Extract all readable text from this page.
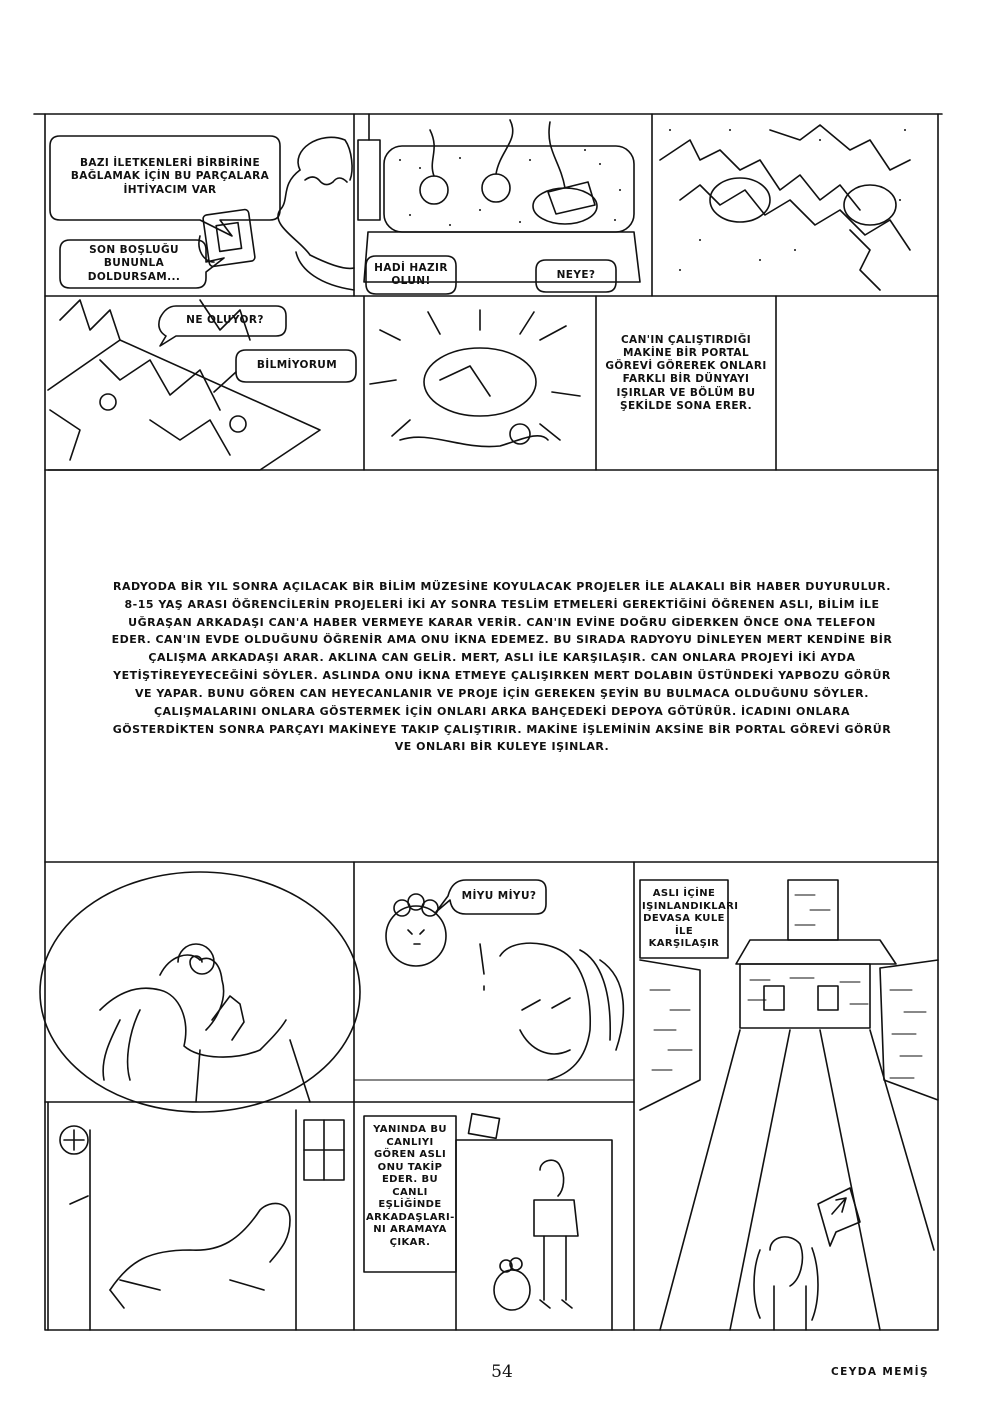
BAZI İLETKENLERİ BİRBİRİNE BAĞLAMAK İÇİN BU PARÇALARA İHTİYACIM VAR
SON BOŞLUĞU BUNUNLA DOLDURSAM...
HADİ HAZIR OLUN!	NEYE?
NE OLUYOR?
BİLMİYORUM
CAN'IN ÇALIŞTIRDIĞI MAKİNE BİR PORTAL GÖREVİ GÖREREK ONLARI FARKLI BİR DÜNYAYI IŞIRLAR VE BÖLÜM BU ŞEKİLDE SONA ERER.
RADYODA BİR YIL SONRA AÇILACAK BİR BİLİM MÜZESİNE KOYULACAK PROJELER İLE ALAKALI BİR HABER DUYURULUR. 8-15 YAŞ ARASI ÖĞRENCİLERİN PROJELERİ İKİ AY SONRA TESLİM ETMELERİ GEREKTİĞİNİ ÖĞRENEN ASLI, BİLİM İLE UĞRAŞAN ARKADAŞI CAN'A HABER VERMEYE KARAR VERİR. CAN'IN EVİNE DOĞRU GİDERKEN ÖNCE ONA TELEFON EDER. CAN'IN EVDE OLDUĞUNU ÖĞRENİR AMA ONU İKNA EDEMEZ. BU SIRADA RADYOYU DİNLEYEN MERT KENDİNE BİR ÇALIŞMA ARKADAŞI ARAR. AKLINA CAN GELİR. MERT, ASLI İLE KARŞILAŞIR. CAN ONLARA PROJEYİ İKİ AYDA YETİŞTİREYEYECEĞİNİ SÖYLER. ASLINDA ONU İKNA ETMEYE ÇALIŞIRKEN MERT DOLABIN ÜSTÜNDEKİ YAPBOZU GÖRÜR VE YAPAR. BUNU GÖREN CAN HEYECANLANIR VE PROJE İÇİN GEREKEN ŞEYİN BU BULMACA OLDUĞUNU SÖYLER. ÇALIŞMALARINI ONLARA GÖSTERMEK İÇİN ONLARI ARKA BAHÇEDEKİ DEPOYA GÖTÜRÜR. İCADINI ONLARA GÖSTERDİKTEN SONRA PARÇAYI MAKİNEYE TAKIP ÇALIŞTIRIR. MAKİNE İŞLEMİNİN AKSİNE BİR PORTAL GÖREVİ GÖRÜR VE ONLARI BİR KULEYE IŞINLAR.
MİYU MİYU?	ASLI İÇİNE IŞINLANDIKLARI DEVASA KULE İLE KARŞILAŞIR
YANINDA BU CANLIYI GÖREN ASLI ONU TAKİP EDER. BU CANLI EŞLİĞİNDE ARKADAŞLARI-NI ARAMAYA ÇIKAR.
54	CEYDA MEMİŞ
